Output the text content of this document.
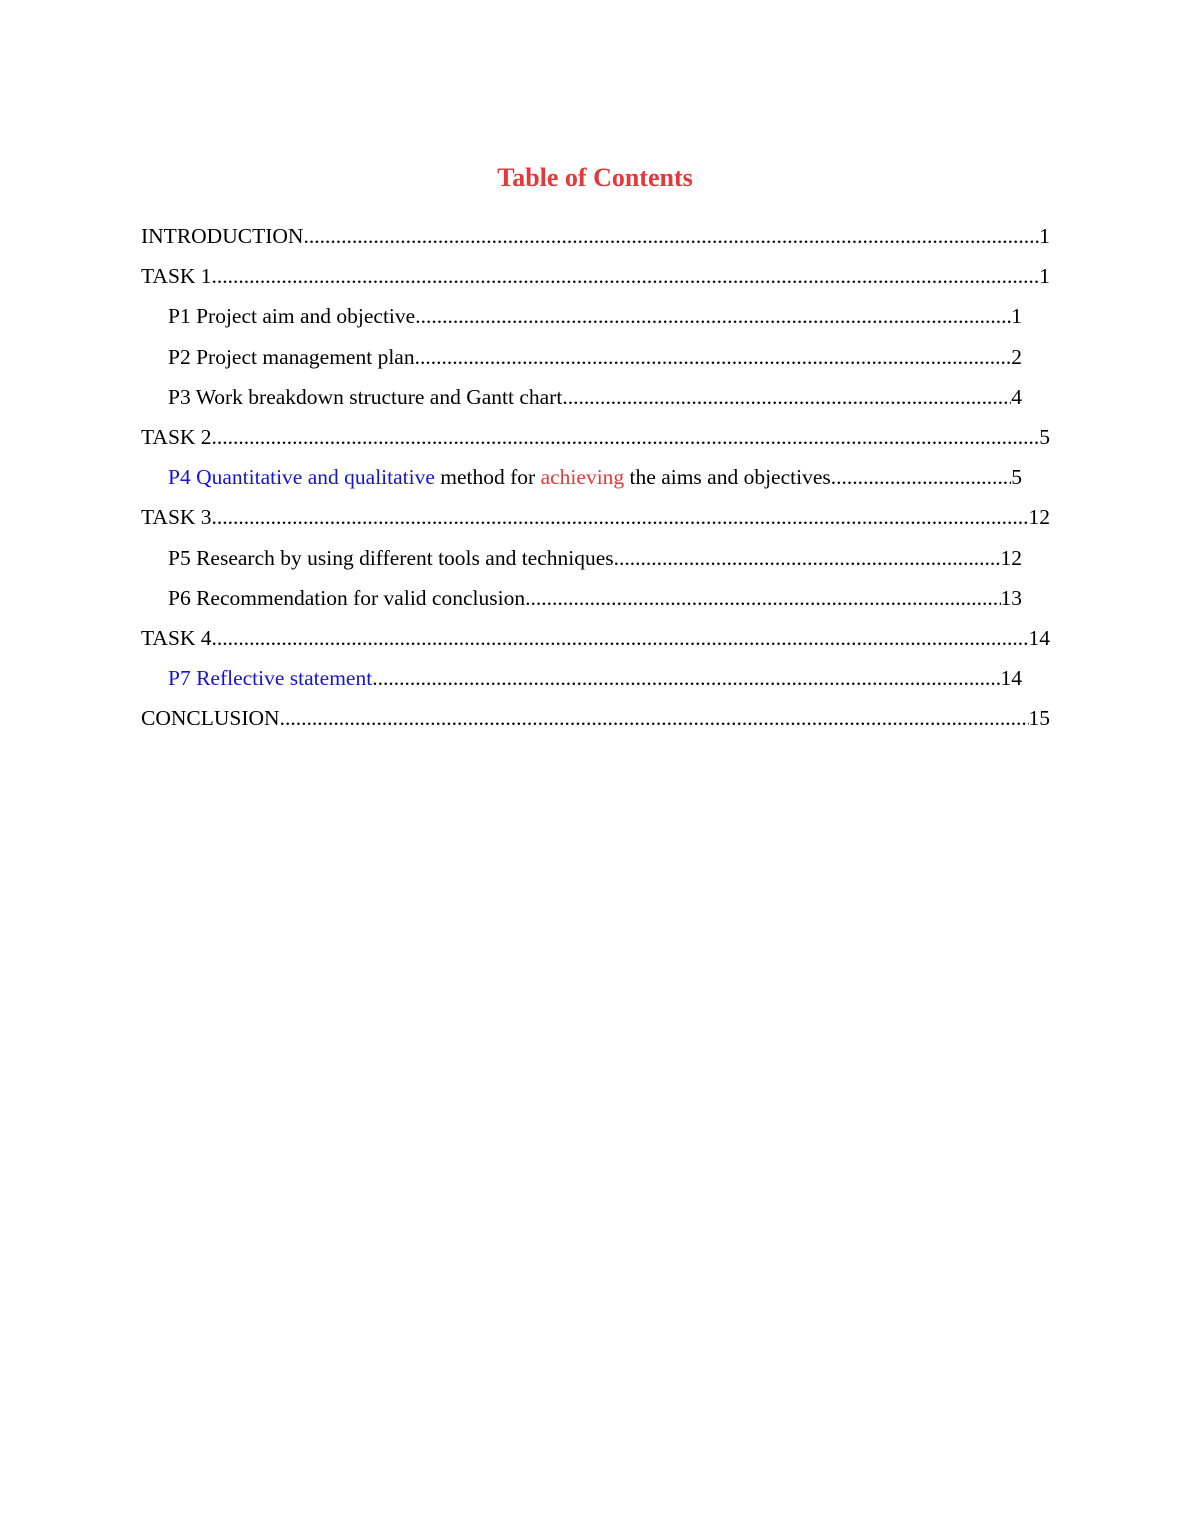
Table of Contents
INTRODUCTION .....	1
TASK 1 .....	1
P1 Project aim and objective .....	1
P2 Project management plan .....	2
P3 Work breakdown structure and Gantt chart .....	4
TASK 2 .....	5
P4 Quantitative and qualitative method for achieving the aims and objectives .....	5
TASK 3 .....	12
P5 Research by using different tools and techniques .....	12
P6 Recommendation for valid conclusion .....	13
TASK 4 .....	14
P7 Reflective statement .....	14
CONCLUSION .....	15
